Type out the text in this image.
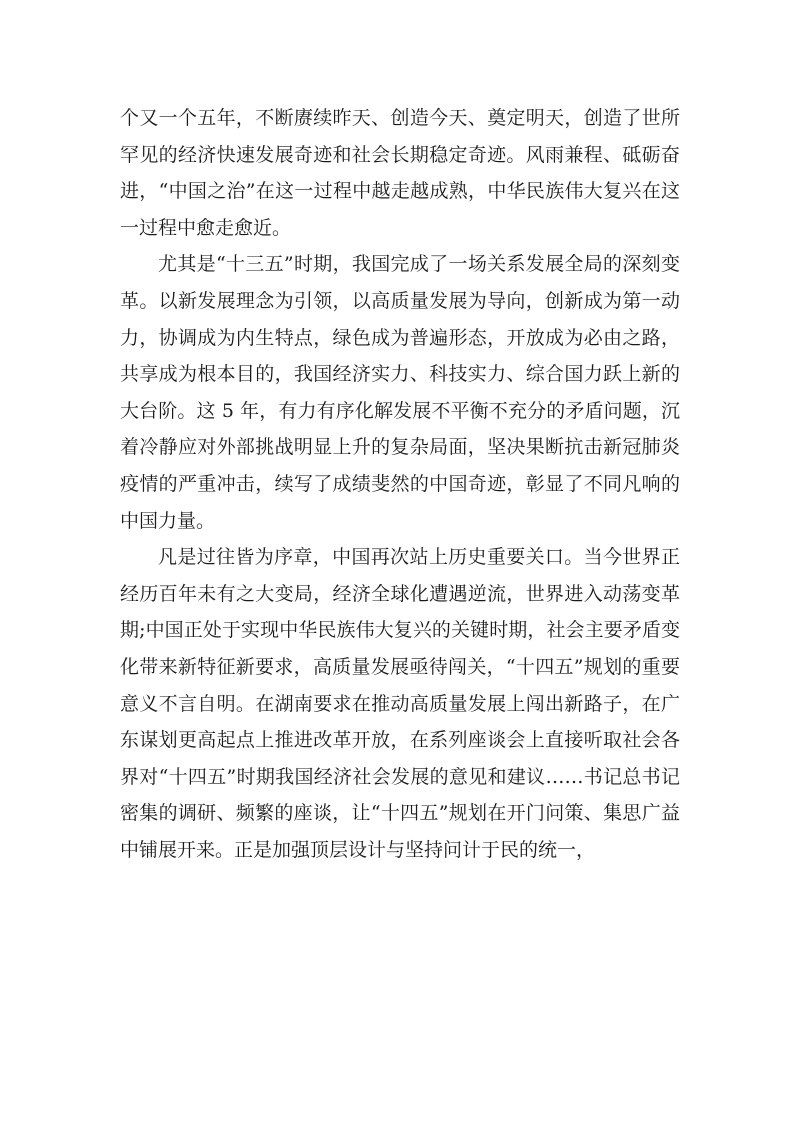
个又一个五年，不断赓续昨天、创造今天、奠定明天，创造了世所罕见的经济快速发展奇迹和社会长期稳定奇迹。风雨兼程、砥砺奋进，“中国之治”在这一过程中越走越成熟，中华民族伟大复兴在这一过程中愈走愈近。

尤其是“十三五”时期，我国完成了一场关系发展全局的深刻变革。以新发展理念为引领，以高质量发展为导向，创新成为第一动力，协调成为内生特点，绿色成为普遍形态，开放成为必由之路，共享成为根本目的，我国经济实力、科技实力、综合国力跃上新的大台阶。这 5 年，有力有序化解发展不平衡不充分的矛盾问题，沉着冷静应对外部挑战明显上升的复杂局面，坚决果断抗击新冠肺炎疫情的严重冲击，续写了成绩斐然的中国奇迹，彰显了不同凡响的中国力量。

凡是过往皆为序章，中国再次站上历史重要关口。当今世界正经历百年未有之大变局，经济全球化遭遇逆流，世界进入动荡变革期;中国正处于实现中华民族伟大复兴的关键时期，社会主要矛盾变化带来新特征新要求，高质量发展亟待闯关，“十四五”规划的重要意义不言自明。在湖南要求在推动高质量发展上闯出新路子，在广东谋划更高起点上推进改革开放，在系列座谈会上直接听取社会各界对“十四五”时期我国经济社会发展的意见和建议……书记总书记密集的调研、频繁的座谈，让“十四五”规划在开门问策、集思广益中铺展开来。正是加强顶层设计与坚持问计于民的统一，
